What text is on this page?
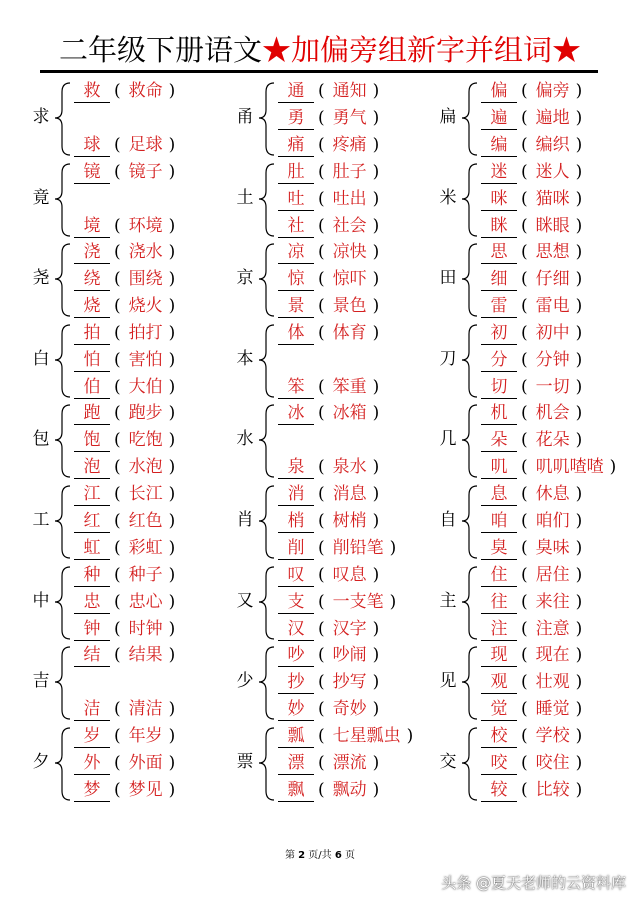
二年级下册语文★加偏旁组新字并组词★
求
救 ( 救命 )
球 ( 足球 )
竟
镜 ( 镜子 )
境 ( 环境 )
尧
浇 ( 浇水 )
绕 ( 围绕 )
烧 ( 烧火 )
白
拍 ( 拍打 )
怕 ( 害怕 )
伯 ( 大伯 )
包
跑 ( 跑步 )
饱 ( 吃饱 )
泡 ( 水泡 )
工
江 ( 长江 )
红 ( 红色 )
虹 ( 彩虹 )
中
种 ( 种子 )
忠 ( 忠心 )
钟 ( 时钟 )
吉
结 ( 结果 )
洁 ( 清洁 )
夕
岁 ( 年岁 )
外 ( 外面 )
梦 ( 梦见 )
甬
通 ( 通知 )
勇 ( 勇气 )
痛 ( 疼痛 )
土
肚 ( 肚子 )
吐 ( 吐出 )
社 ( 社会 )
京
凉 ( 凉快 )
惊 ( 惊吓 )
景 ( 景色 )
本
体 ( 体育 )
笨 ( 笨重 )
水
冰 ( 冰箱 )
泉 ( 泉水 )
肖
消 ( 消息 )
梢 ( 树梢 )
削 ( 削铅笔 )
又
叹 ( 叹息 )
支 ( 一支笔 )
汉 ( 汉字 )
少
吵 ( 吵闹 )
抄 ( 抄写 )
妙 ( 奇妙 )
票
瓢 ( 七星瓢虫 )
漂 ( 漂流 )
飘 ( 飘动 )
扁
偏 ( 偏旁 )
遍 ( 遍地 )
编 ( 编织 )
米
迷 ( 迷人 )
咪 ( 猫咪 )
眯 ( 眯眼 )
田
思 ( 思想 )
细 ( 仔细 )
雷 ( 雷电 )
刀
初 ( 初中 )
分 ( 分钟 )
切 ( 一切 )
几
机 ( 机会 )
朵 ( 花朵 )
叽 ( 叽叽喳喳 )
自
息 ( 休息 )
咱 ( 咱们 )
臭 ( 臭味 )
主
住 ( 居住 )
往 ( 来往 )
注 ( 注意 )
见
现 ( 现在 )
观 ( 壮观 )
觉 ( 睡觉 )
交
校 ( 学校 )
咬 ( 咬住 )
较 ( 比较 )
第 2 页/共 6 页
头条 @夏天老师的云资料库
